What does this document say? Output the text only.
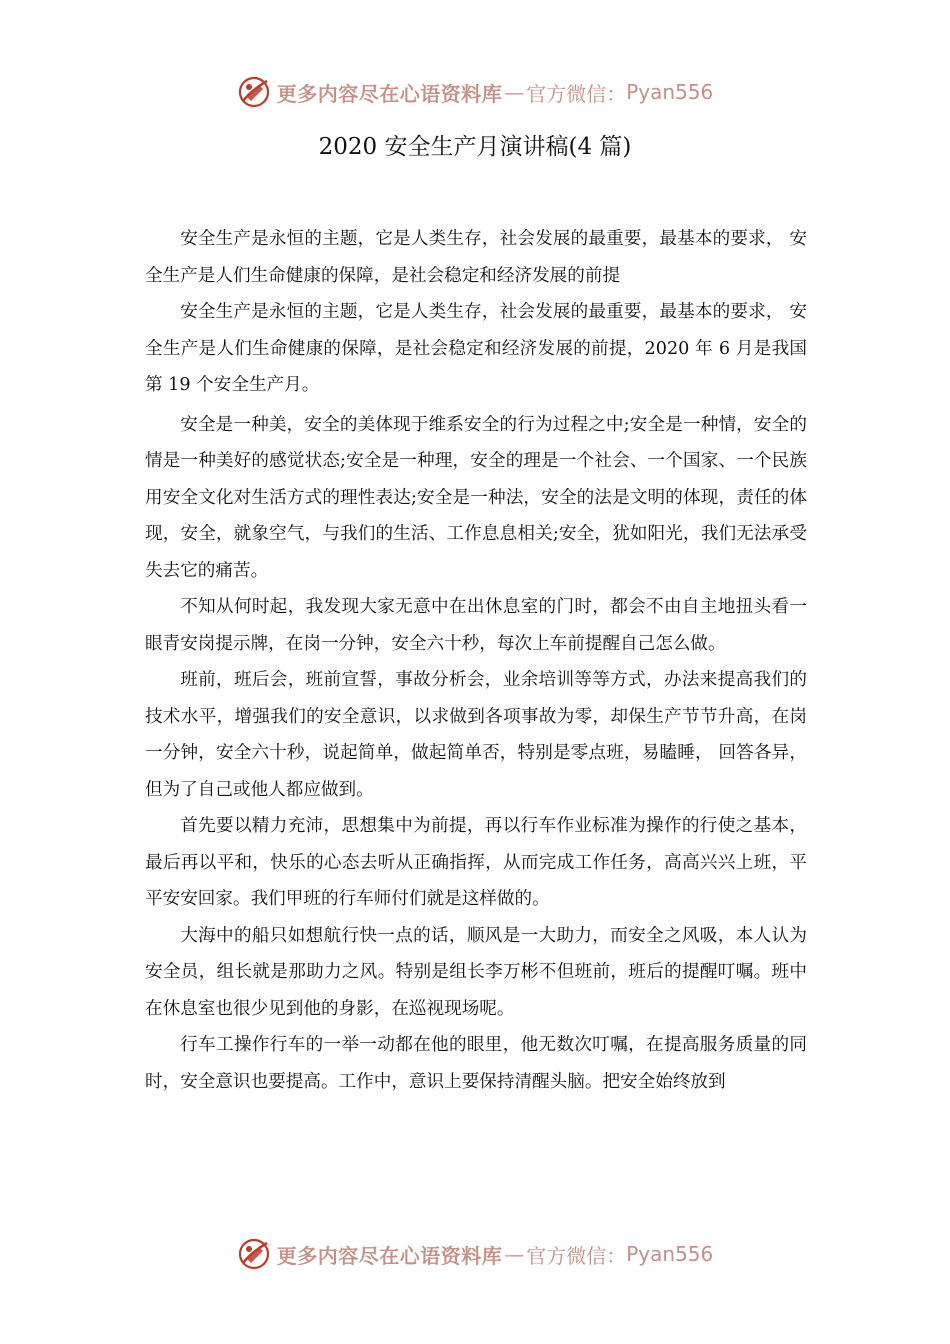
更多内容尽在心语资料库 — 官方微信： Pyan556
2020 安全生产月演讲稿(4 篇)

安全生产是永恒的主题，它是人类生存，社会发展的最重要，最基本的要求， 安全生产是人们生命健康的保障，是社会稳定和经济发展的前提

安全生产是永恒的主题，它是人类生存，社会发展的最重要，最基本的要求， 安全生产是人们生命健康的保障，是社会稳定和经济发展的前提，2020 年 6 月是我国第 19 个安全生产月。

安全是一种美，安全的美体现于维系安全的行为过程之中;安全是一种情，安全的情是一种美好的感觉状态;安全是一种理，安全的理是一个社会、一个国家、一个民族用安全文化对生活方式的理性表达;安全是一种法，安全的法是文明的体现，责任的体现，安全，就象空气，与我们的生活、工作息息相关;安全，犹如阳光，我们无法承受失去它的痛苦。

不知从何时起，我发现大家无意中在出休息室的门时，都会不由自主地扭头看一眼青安岗提示牌，在岗一分钟，安全六十秒，每次上车前提醒自己怎么做。

班前，班后会，班前宣誓，事故分析会，业余培训等等方式，办法来提高我们的技术水平，增强我们的安全意识，以求做到各项事故为零，却保生产节节升高，在岗一分钟，安全六十秒，说起简单，做起简单否，特别是零点班，易瞌睡， 回答各异，但为了自己或他人都应做到。

首先要以精力充沛，思想集中为前提，再以行车作业标准为操作的行使之基本，最后再以平和，快乐的心态去听从正确指挥，从而完成工作任务，高高兴兴上班，平平安安回家。我们甲班的行车师付们就是这样做的。

大海中的船只如想航行快一点的话，顺风是一大助力，而安全之风吸，本人认为安全员，组长就是那助力之风。特别是组长李万彬不但班前，班后的提醒叮嘱。班中在休息室也很少见到他的身影，在巡视现场呢。

行车工操作行车的一举一动都在他的眼里，他无数次叮嘱，在提高服务质量的同时，安全意识也要提高。工作中，意识上要保持清醒头脑。把安全始终放到

更多内容尽在心语资料库 — 官方微信： Pyan556
